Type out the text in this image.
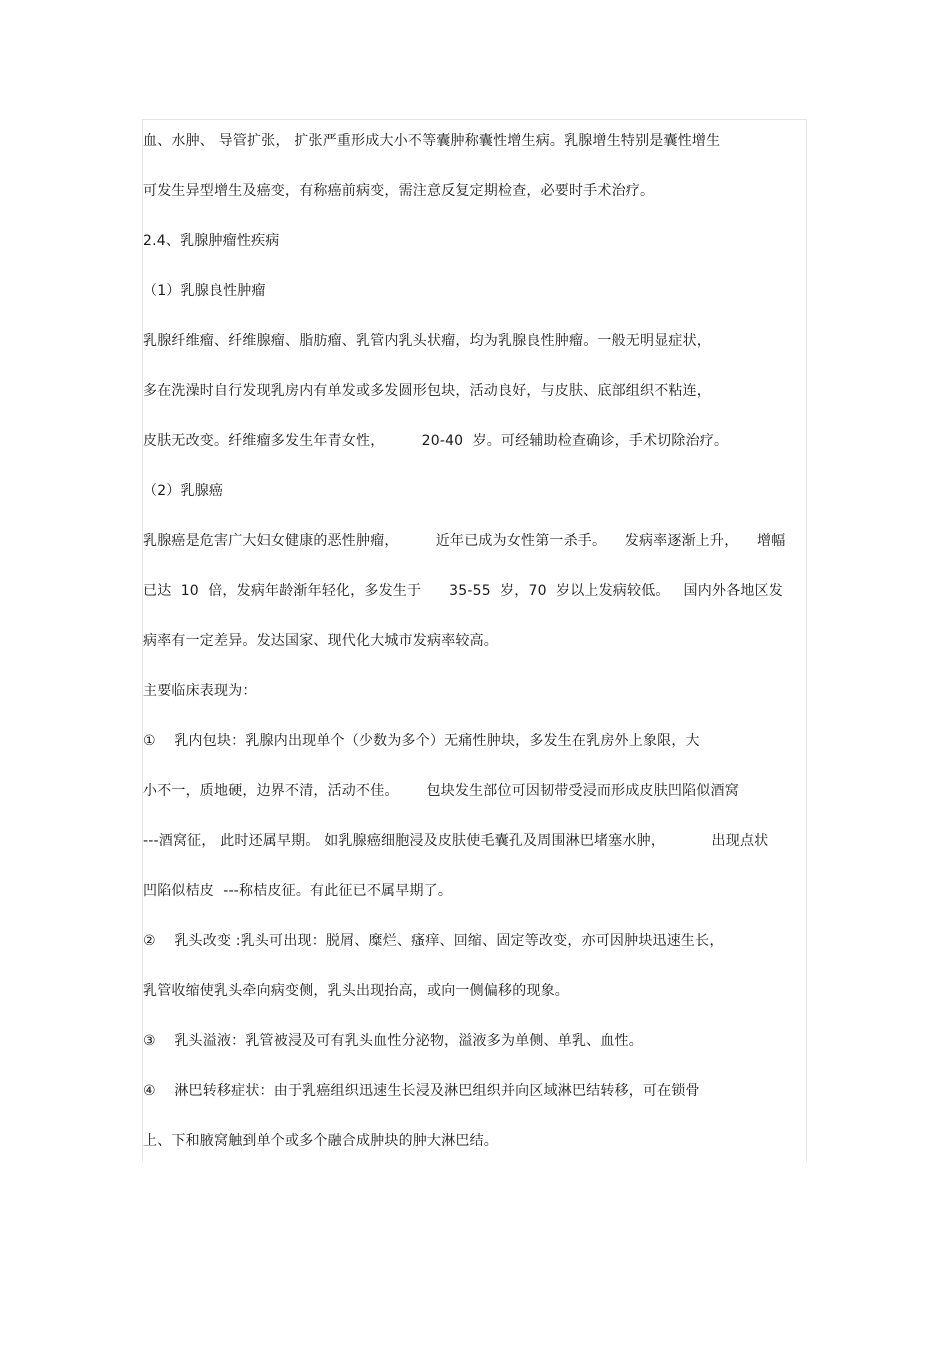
血、水肿、 导管扩张， 扩张严重形成大小不等囊肿称囊性增生病。乳腺增生特别是囊性增生
可发生异型增生及癌变，有称癌前病变，需注意反复定期检查，必要时手术治疗。
2.4、乳腺肿瘤性疾病
（1）乳腺良性肿瘤
乳腺纤维瘤、纤维腺瘤、脂肪瘤、乳管内乳头状瘤，均为乳腺良性肿瘤。一般无明显症状，
多在洗澡时自行发现乳房内有单发或多发圆形包块，活动良好，与皮肤、底部组织不粘连，
皮肤无改变。纤维瘤多发生年青女性，        20-40  岁。可经辅助检查确诊，手术切除治疗。
（2）乳腺癌
乳腺癌是危害广大妇女健康的恶性肿瘤，        近年已成为女性第一杀手。    发病率逐渐上升，    增幅
已达  10  倍，发病年龄渐年轻化，多发生于      35-55  岁，70  岁以上发病较低。   国内外各地区发
病率有一定差异。发达国家、现代化大城市发病率较高。
主要临床表现为：
①    乳内包块：乳腺内出现单个（少数为多个）无痛性肿块，多发生在乳房外上象限，大
小不一，质地硬，边界不清，活动不佳。      包块发生部位可因韧带受浸而形成皮肤凹陷似酒窝
---酒窝征， 此时还属早期。 如乳腺癌细胞浸及皮肤使毛囊孔及周围淋巴堵塞水肿，          出现点状
凹陷似桔皮  ---称桔皮征。有此征已不属早期了。
②    乳头改变 :乳头可出现：脱屑、糜烂、瘙痒、回缩、固定等改变，亦可因肿块迅速生长，
乳管收缩使乳头牵向病变侧，乳头出现抬高，或向一侧偏移的现象。
③    乳头溢液：乳管被浸及可有乳头血性分泌物，溢液多为单侧、单乳、血性。
④    淋巴转移症状：由于乳癌组织迅速生长浸及淋巴组织并向区域淋巴结转移，可在锁骨
上、下和腋窝触到单个或多个融合成肿块的肿大淋巴结。
